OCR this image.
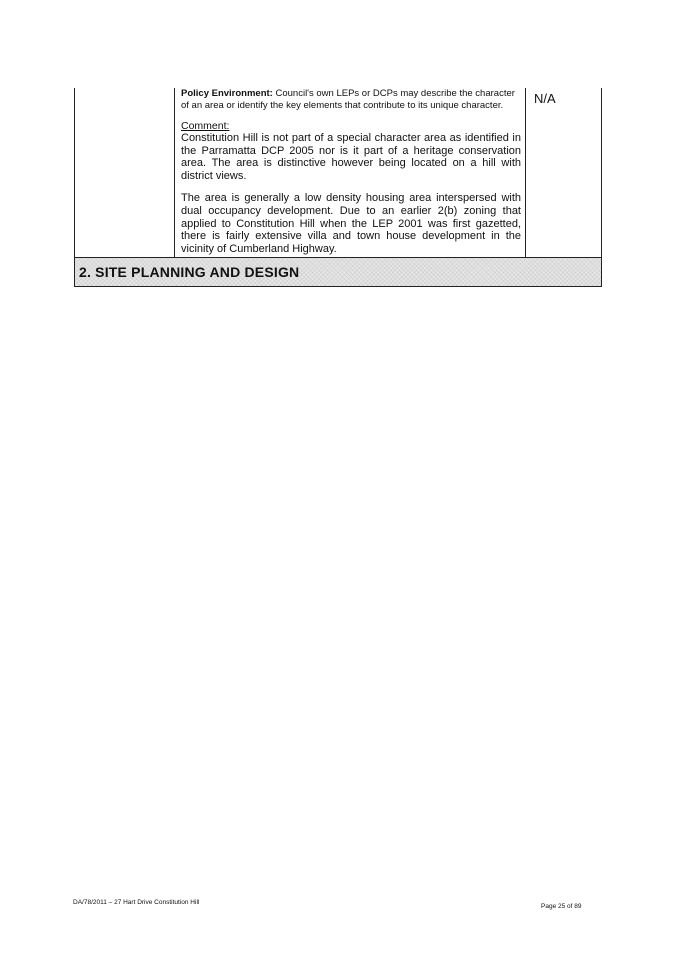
Policy Environment: Council's own LEPs or DCPs may describe the character of an area or identify the key elements that contribute to its unique character.

Comment:

Constitution Hill is not part of a special character area as identified in the Parramatta DCP 2005 nor is it part of a heritage conservation area. The area is distinctive however being located on a hill with district views.

The area is generally a low density housing area interspersed with dual occupancy development. Due to an earlier 2(b) zoning that applied to Constitution Hill when the LEP 2001 was first gazetted, there is fairly extensive villa and town house development in the vicinity of Cumberland Highway.

N/A
2. SITE PLANNING AND DESIGN
DA/78/2011 – 27 Hart Drive Constitution Hill
Page 25 of 89
